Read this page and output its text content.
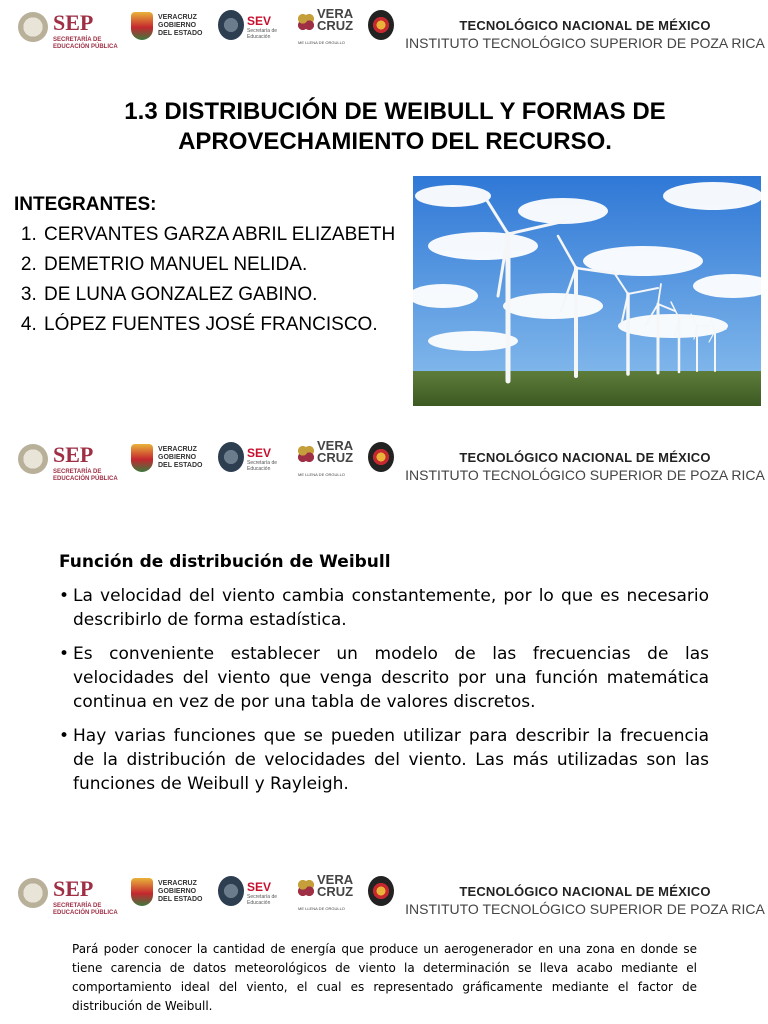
SEP
SECRETARÍA DE EDUCACIÓN PÚBLICA
VERACRUZ
GOBIERNO
DEL ESTADO
SEV
Secretaría de Educación
VERA
CRUZ
ME LLENA DE ORGULLO
TECNOLÓGICO NACIONAL DE MÉXICO
INSTITUTO TECNOLÓGICO SUPERIOR DE POZA RICA
1.3 DISTRIBUCIÓN DE WEIBULL Y FORMAS DE
APROVECHAMIENTO DEL RECURSO.
INTEGRANTES:
1. CERVANTES GARZA ABRIL ELIZABETH
2. DEMETRIO MANUEL NELIDA.
3. DE LUNA GONZALEZ GABINO.
4. LÓPEZ FUENTES JOSÉ FRANCISCO.
SEP
SECRETARÍA DE EDUCACIÓN PÚBLICA
VERACRUZ
GOBIERNO
DEL ESTADO
SEV
Secretaría de Educación
VERA
CRUZ
ME LLENA DE ORGULLO
TECNOLÓGICO NACIONAL DE MÉXICO
INSTITUTO TECNOLÓGICO SUPERIOR DE POZA RICA
Función de distribución de Weibull
• La velocidad del viento cambia constantemente, por lo que es necesario describirlo de forma estadística.
• Es conveniente establecer un modelo de las frecuencias de las velocidades del viento que venga descrito por una función matemática continua en vez de por una tabla de valores discretos.
• Hay varias funciones que se pueden utilizar para describir la frecuencia de la distribución de velocidades del viento. Las más utilizadas son las funciones de Weibull y Rayleigh.
SEP
SECRETARÍA DE EDUCACIÓN PÚBLICA
VERACRUZ
GOBIERNO
DEL ESTADO
SEV
Secretaría de Educación
VERA
CRUZ
ME LLENA DE ORGULLO
TECNOLÓGICO NACIONAL DE MÉXICO
INSTITUTO TECNOLÓGICO SUPERIOR DE POZA RICA
Pará poder conocer la cantidad de energía que produce un aerogenerador en una zona en donde se tiene carencia de datos meteorológicos de viento la determinación se lleva acabo mediante el comportamiento ideal del viento, el cual es representado gráficamente mediante el factor de distribución de Weibull.
